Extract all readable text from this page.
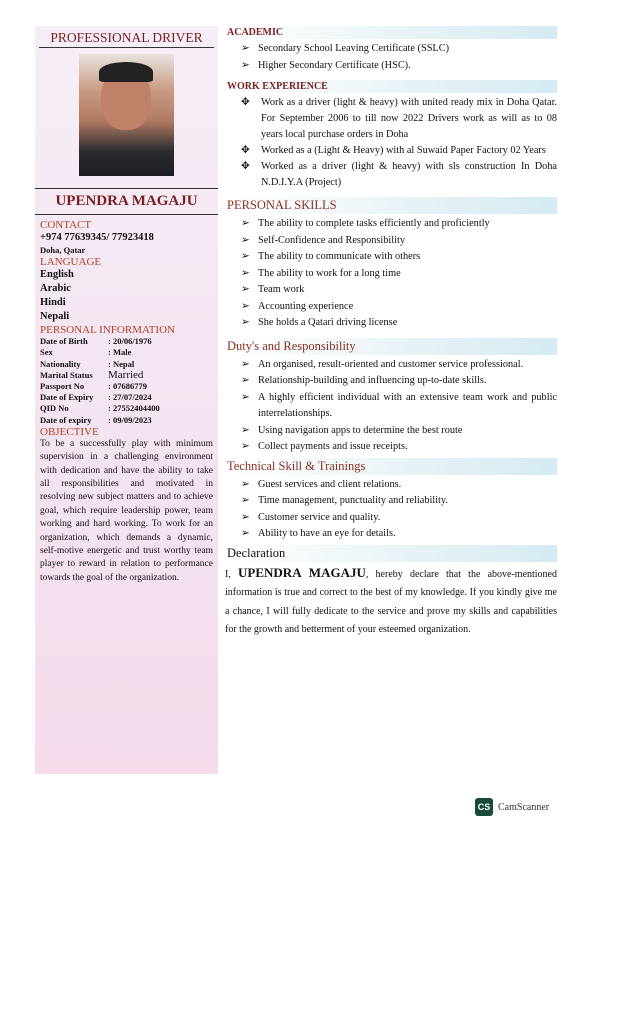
PROFESSIONAL DRIVER
UPENDRA MAGAJU
CONTACT
+974 77639345/ 77923418
Doha, Qatar
LANGUAGE
English
Arabic
Hindi
Nepali
PERSONAL INFORMATION
Date of Birth	: 20/06/1976
Sex	: Male
Nationality	: Nepal
Marital Status	Married
Passport No	: 07686779
Date of Expiry	: 27/07/2024
QID No	: 27552404400
Date of expiry	: 09/09/2023
OBJECTIVE
To be a successfully play with minimum supervision in a challenging environment with dedication and have the ability to take all responsibilities and motivated in resolving new subject matters and to achieve goal, which require leadership power, team working and hard working. To work for an organization, which demands a dynamic, self-motive energetic and trust worthy team player to reward in relation to performance towards the goal of the organization.
ACADEMIC
➢ Secondary School Leaving Certificate (SSLC)
➢ Higher Secondary Certificate (HSC).
WORK EXPERIENCE
✥ Work as a driver (light & heavy) with united ready mix in Doha Qatar. For September 2006 to till now 2022 Drivers work as will as to 08 years local purchase orders in Doha
✥ Worked as a (Light & Heavy) with al Suwaid Paper Factory 02 Years
✥ Worked as a driver (light & heavy) with sls construction In Doha N.D.I.Y.A (Project)
PERSONAL SKILLS
➢ The ability to complete tasks efficiently and proficiently
➢ Self-Confidence and Responsibility
➢ The ability to communicate with others
➢ The ability to work for a long time
➢ Team work
➢ Accounting experience
➢ She holds a Qatari driving license
Duty's and Responsibility
➢ An organised, result-oriented and customer service professional.
➢ Relationship-building and influencing up-to-date skills.
➢ A highly efficient individual with an extensive team work and public interrelationships.
➢ Using navigation apps to determine the best route
➢ Collect payments and issue receipts.
Technical Skill & Trainings
➢ Guest services and client relations.
➢ Time management, punctuality and reliability.
➢ Customer service and quality.
➢ Ability to have an eye for details.
Declaration
I, UPENDRA MAGAJU, hereby declare that the above-mentioned information is true and correct to the best of my knowledge. If you kindly give me a chance, I will fully dedicate to the service and prove my skills and capabilities for the growth and betterment of your esteemed organization.
CS CamScanner
